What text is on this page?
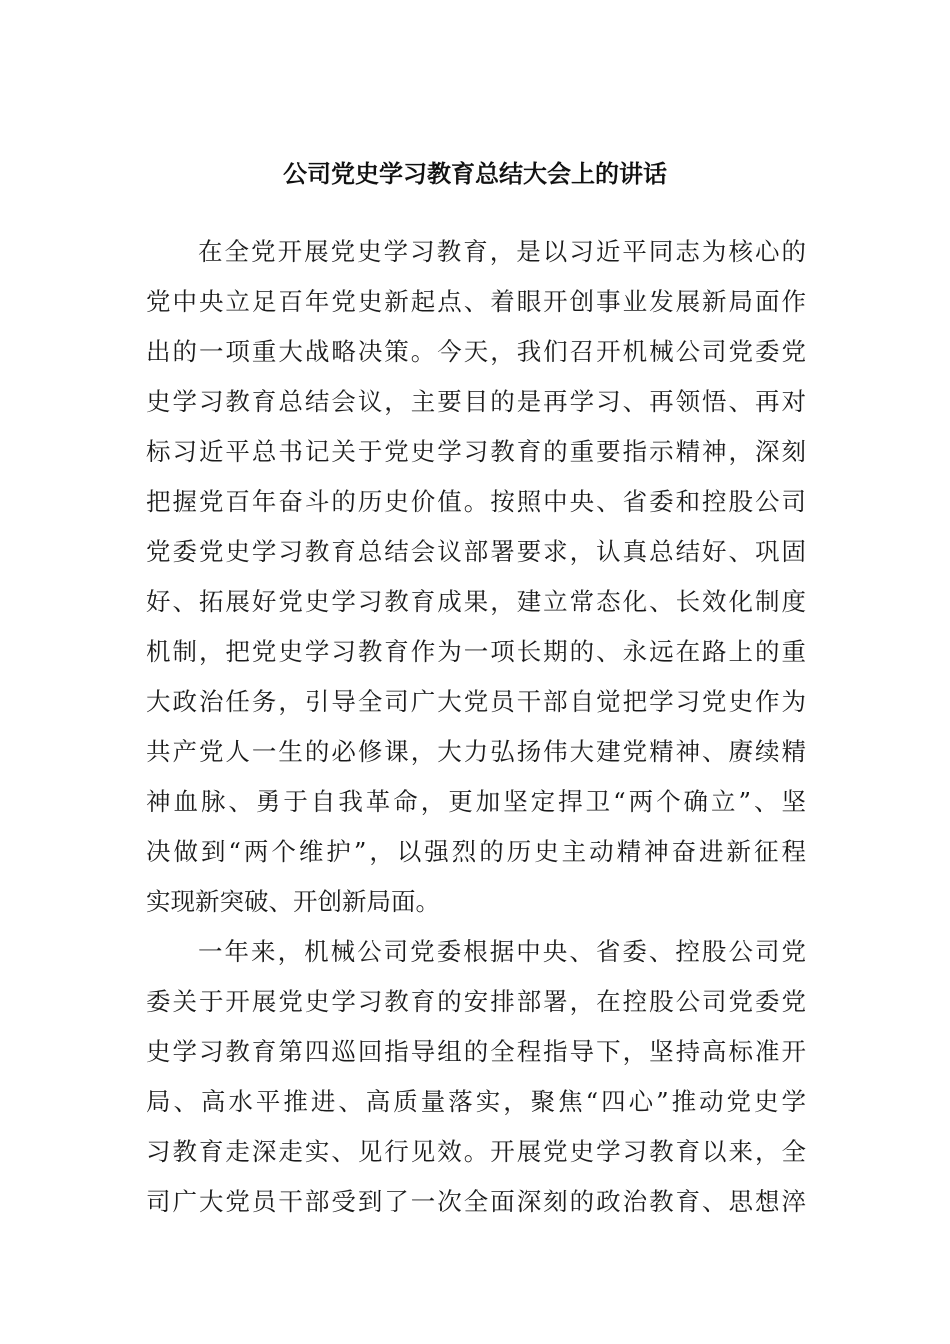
公司党史学习教育总结大会上的讲话
在全党开展党史学习教育，是以习近平同志为核心的
党中央立足百年党史新起点、着眼开创事业发展新局面作
出的一项重大战略决策。今天，我们召开机械公司党委党
史学习教育总结会议，主要目的是再学习、再领悟、再对
标习近平总书记关于党史学习教育的重要指示精神，深刻
把握党百年奋斗的历史价值。按照中央、省委和控股公司
党委党史学习教育总结会议部署要求，认真总结好、巩固
好、拓展好党史学习教育成果，建立常态化、长效化制度
机制，把党史学习教育作为一项长期的、永远在路上的重
大政治任务，引导全司广大党员干部自觉把学习党史作为
共产党人一生的必修课，大力弘扬伟大建党精神、赓续精
神血脉、勇于自我革命，更加坚定捍卫“两个确立”、坚
决做到“两个维护”，以强烈的历史主动精神奋进新征程
实现新突破、开创新局面。
一年来，机械公司党委根据中央、省委、控股公司党
委关于开展党史学习教育的安排部署，在控股公司党委党
史学习教育第四巡回指导组的全程指导下，坚持高标准开
局、高水平推进、高质量落实，聚焦“四心”推动党史学
习教育走深走实、见行见效。开展党史学习教育以来，全
司广大党员干部受到了一次全面深刻的政治教育、思想淬
